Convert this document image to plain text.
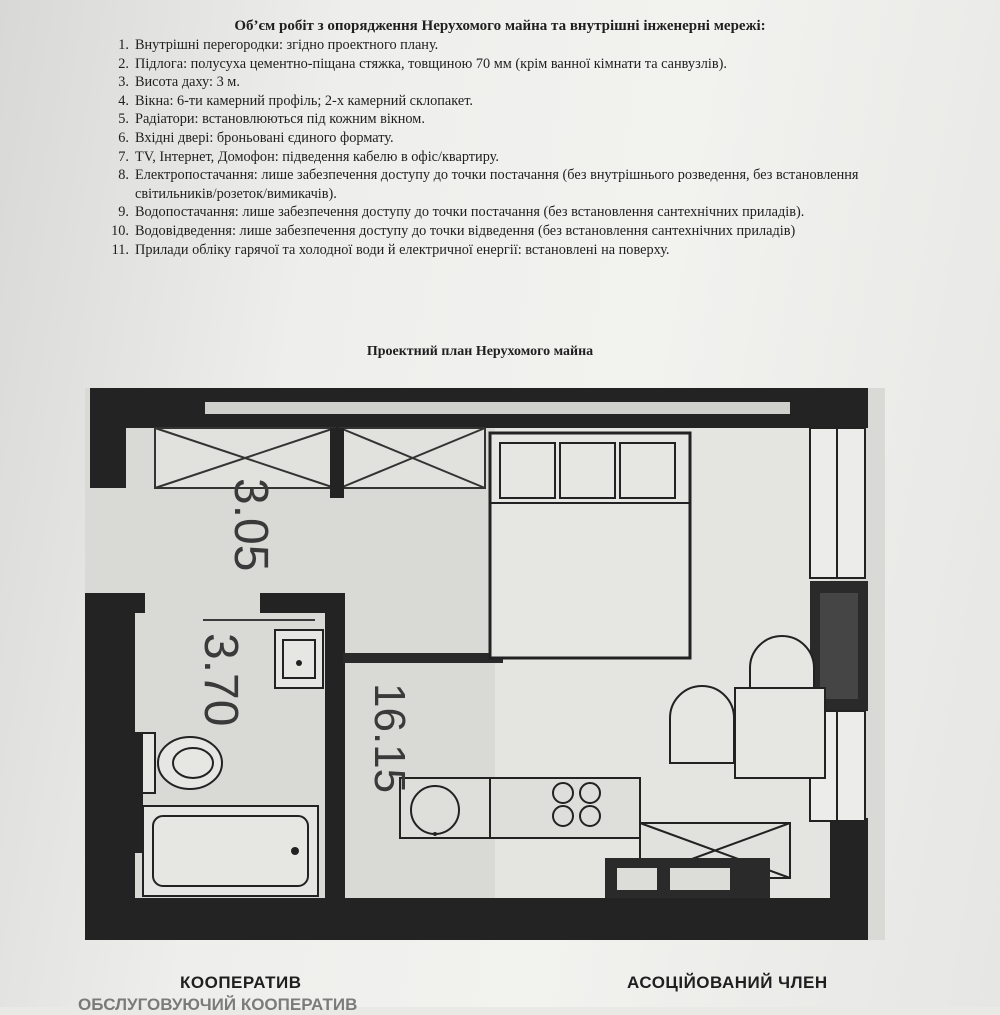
Об’єм робіт з опорядження Нерухомого майна та внутрішні інженерні мережі:
1. Внутрішні перегородки: згідно проектного плану.
2. Підлога: полусуха цементно-піщана стяжка, товщиною 70 мм (крім ванної кімнати та санвузлів).
3. Висота даху: 3 м.
4. Вікна: 6-ти камерний профіль; 2-х камерний склопакет.
5. Радіатори: встановлюються під кожним вікном.
6. Вхідні двері: броньовані єдиного формату.
7. TV, Інтернет, Домофон: підведення кабелю в офіс/квартиру.
8. Електропостачання: лише забезпечення доступу до точки постачання (без внутрішнього розведення, без встановлення світильників/розеток/вимикачів).
9. Водопостачання: лише забезпечення доступу до точки постачання (без встановлення сантехнічних приладів).
10. Водовідведення: лише забезпечення доступу до точки відведення (без встановлення сантехнічних приладів)
11. Прилади обліку гарячої та холодної води й електричної енергії: встановлені на поверху.
Проектний план Нерухомого майна
3.05
3.70
16.15
КООПЕРАТИВ	АСОЦІЙОВАНИЙ ЧЛЕН
ОБСЛУГОВУЮЧИЙ КООПЕРАТИВ
